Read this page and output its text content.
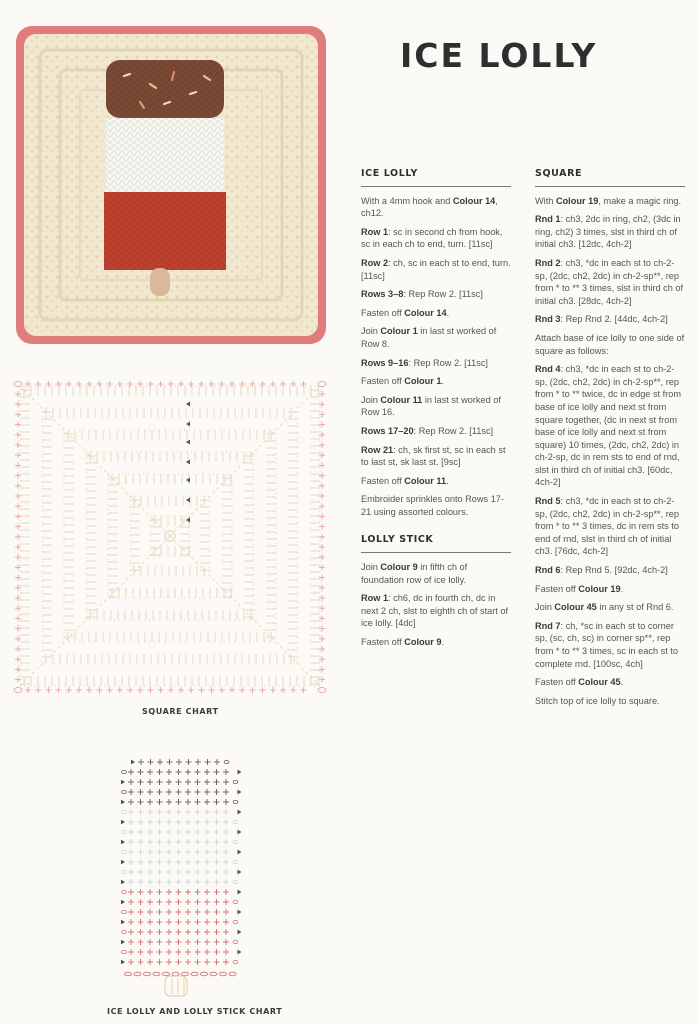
ICE LOLLY
SQUARE CHART
ICE LOLLY AND LOLLY STICK CHART
ICE LOLLY

With a 4mm hook and Colour 14, ch12.

Row 1: sc in second ch from hook, sc in each ch to end, turn. [11sc]

Row 2: ch, sc in each st to end, turn. [11sc]

Rows 3–8: Rep Row 2. [11sc]

Fasten off Colour 14.

Join Colour 1 in last st worked of Row 8.

Rows 9–16: Rep Row 2. [11sc]

Fasten off Colour 1.

Join Colour 11 in last st worked of Row 16.

Rows 17–20: Rep Row 2. [11sc]

Row 21: ch, sk first st, sc in each st to last st, sk last st. [9sc]

Fasten off Colour 11.

Embroider sprinkles onto Rows 17-21 using assorted colours.

LOLLY STICK

Join Colour 9 in fifth ch of foundation row of ice lolly.

Row 1: ch6, dc in fourth ch, dc in next 2 ch, slst to eighth ch of start of ice lolly. [4dc]

Fasten off Colour 9.

SQUARE

With Colour 19, make a magic ring.

Rnd 1: ch3, 2dc in ring, ch2, (3dc in ring, ch2) 3 times, slst in third ch of initial ch3. [12dc, 4ch-2]

Rnd 2: ch3, *dc in each st to ch-2-sp, (2dc, ch2, 2dc) in ch-2-sp**, rep from * to ** 3 times, slst in third ch of initial ch3. [28dc, 4ch-2]

Rnd 3: Rep Rnd 2. [44dc, 4ch-2]

Attach base of ice lolly to one side of square as follows:

Rnd 4: ch3, *dc in each st to ch-2-sp, (2dc, ch2, 2dc) in ch-2-sp**, rep from * to ** twice, dc in edge st from base of ice lolly and next st from square together, (dc in next st from base of ice lolly and next st from square) 10 times, (2dc, ch2, 2dc) in ch-2-sp, dc in rem sts to end of rnd, slst in third ch of initial ch3. [60dc, 4ch-2]

Rnd 5: ch3, *dc in each st to ch-2-sp, (2dc, ch2, 2dc) in ch-2-sp**, rep from * to ** 3 times, dc in rem sts to end of rnd, slst in third ch of initial ch3. [76dc, 4ch-2]

Rnd 6: Rep Rnd 5. [92dc, 4ch-2]

Fasten off Colour 19.

Join Colour 45 in any st of Rnd 6.

Rnd 7: ch, *sc in each st to corner sp, (sc, ch, sc) in corner sp**, rep from * to ** 3 times, sc in each st to complete rnd. [100sc, 4ch]

Fasten off Colour 45.

Stitch top of ice lolly to square.
